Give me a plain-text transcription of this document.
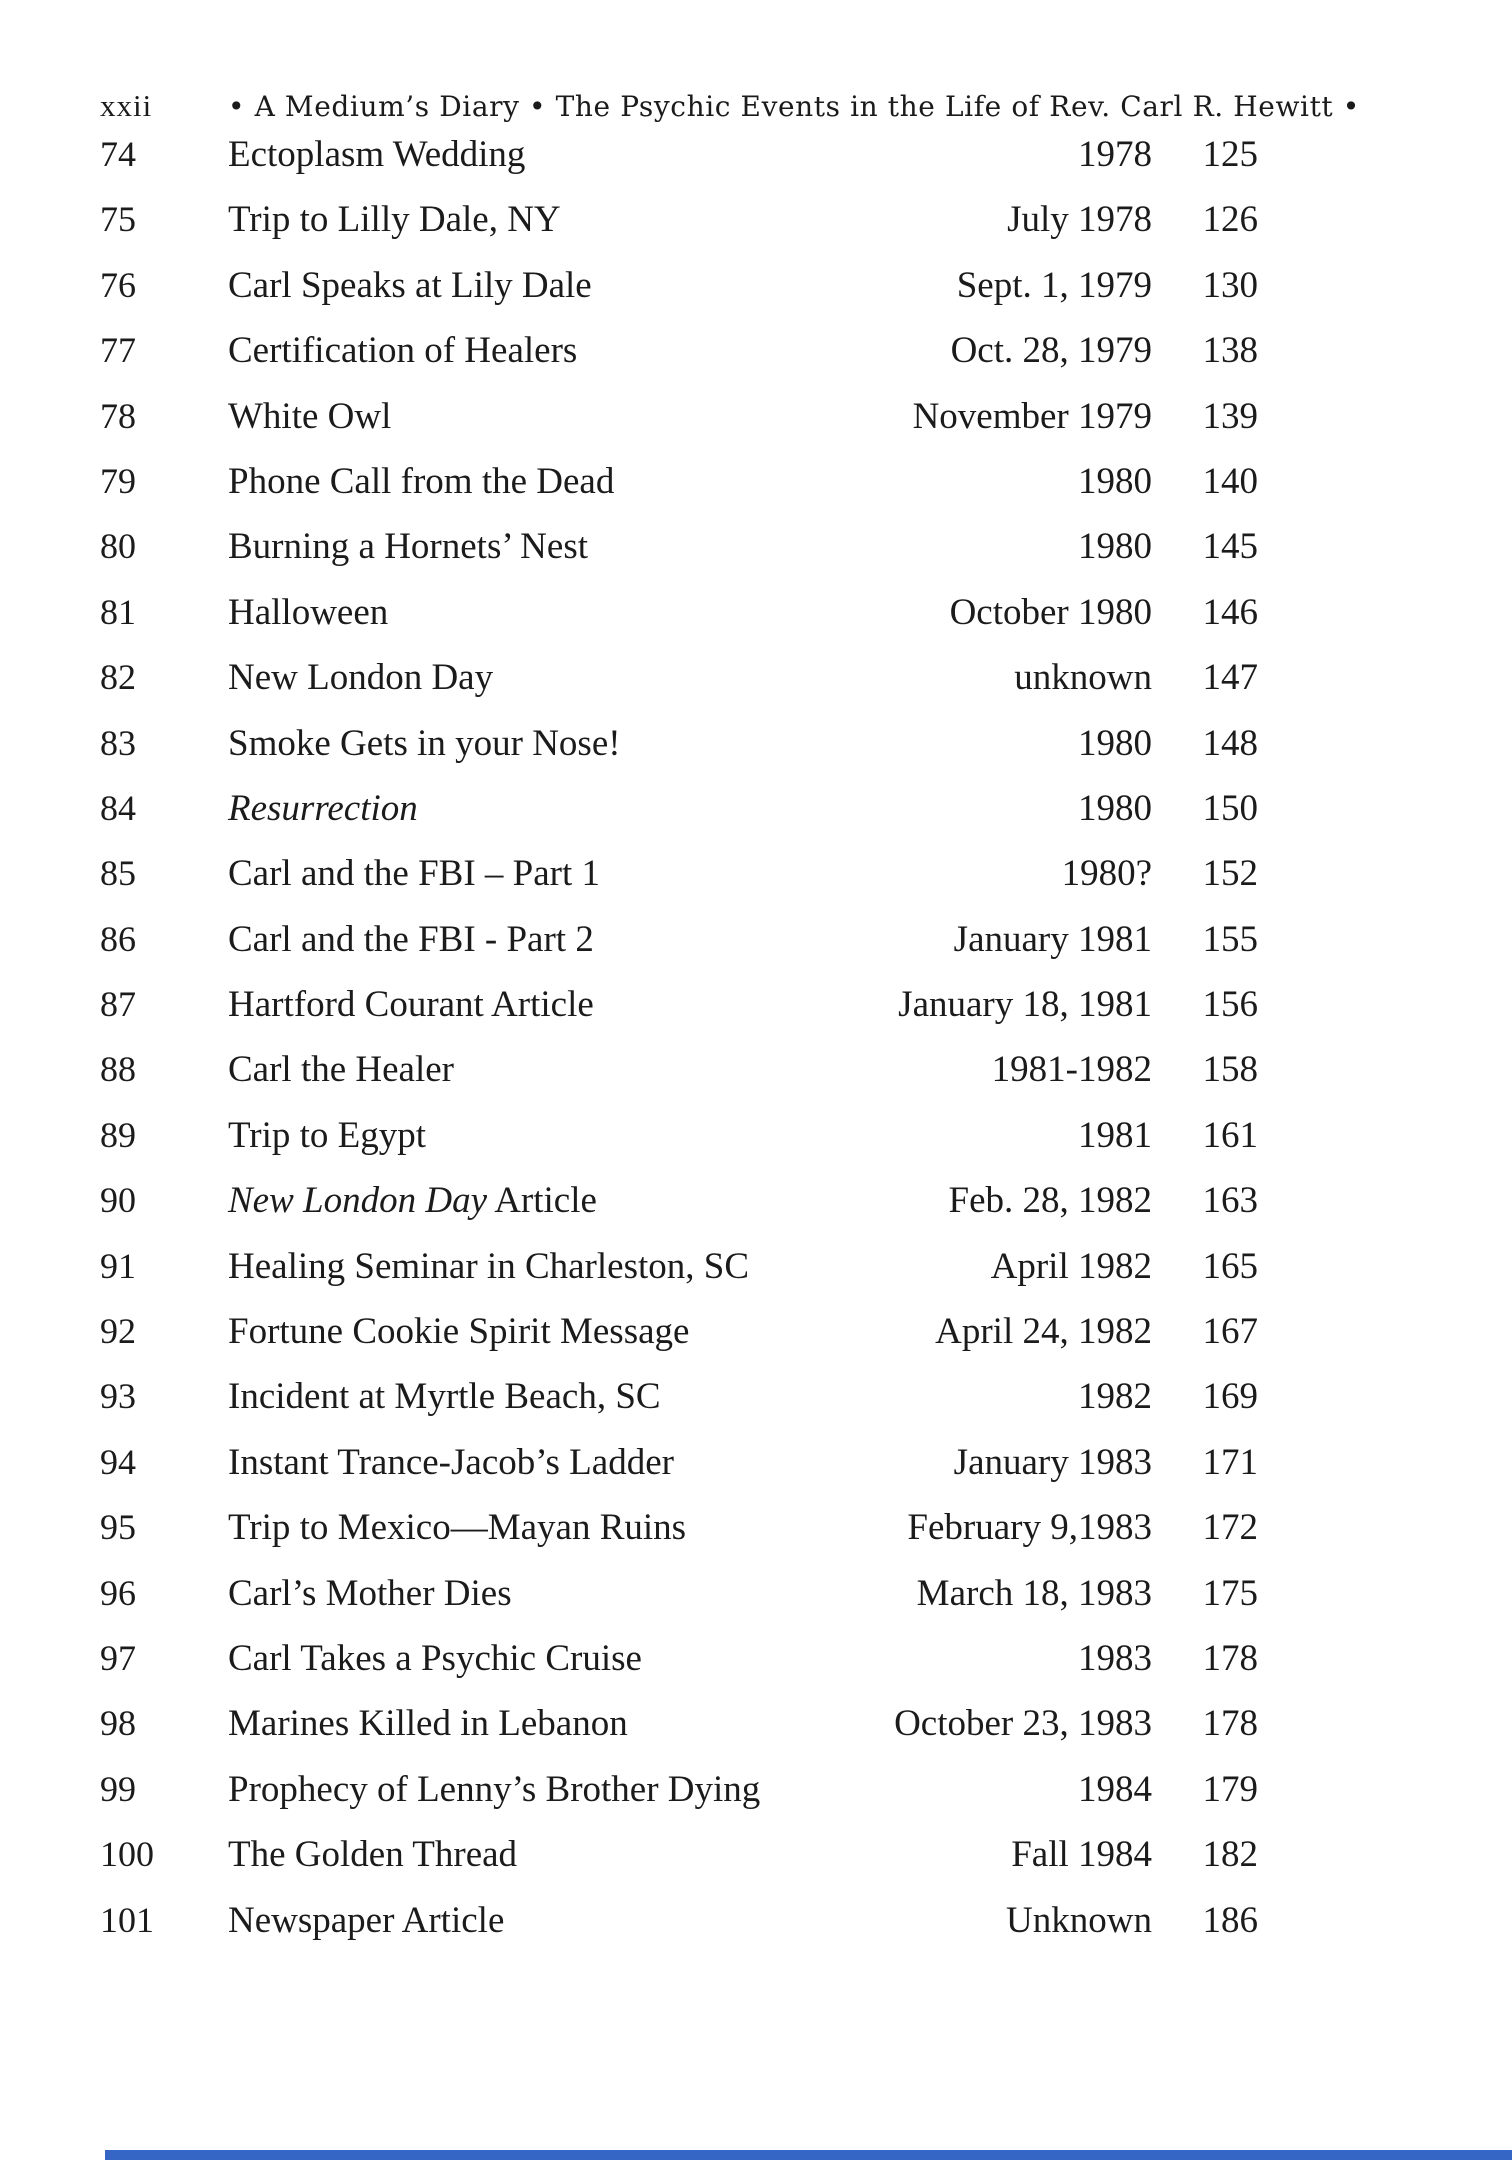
xxii	• A Medium’s Diary • The Psychic Events in the Life of Rev. Carl R. Hewitt •
74	Ectoplasm Wedding	1978	125
75	Trip to Lilly Dale, NY	July 1978	126
76	Carl Speaks at Lily Dale	Sept. 1, 1979	130
77	Certification of Healers	Oct. 28, 1979	138
78	White Owl	November 1979	139
79	Phone Call from the Dead	1980	140
80	Burning a Hornets’ Nest	1980	145
81	Halloween	October 1980	146
82	New London Day	unknown	147
83	Smoke Gets in your Nose!	1980	148
84	Resurrection	1980	150
85	Carl and the FBI – Part 1	1980?	152
86	Carl and the FBI - Part 2	January 1981	155
87	Hartford Courant Article	January 18, 1981	156
88	Carl the Healer	1981-1982	158
89	Trip to Egypt	1981	161
90	New London Day Article	Feb. 28, 1982	163
91	Healing Seminar in Charleston, SC	April 1982	165
92	Fortune Cookie Spirit Message	April 24, 1982	167
93	Incident at Myrtle Beach, SC	1982	169
94	Instant Trance-Jacob’s Ladder	January 1983	171
95	Trip to Mexico—Mayan Ruins	February 9,1983	172
96	Carl’s Mother Dies	March 18, 1983	175
97	Carl Takes a Psychic Cruise	1983	178
98	Marines Killed in Lebanon	October 23, 1983	178
99	Prophecy of Lenny’s Brother Dying	1984	179
100	The Golden Thread	Fall 1984	182
101	Newspaper Article	Unknown	186
